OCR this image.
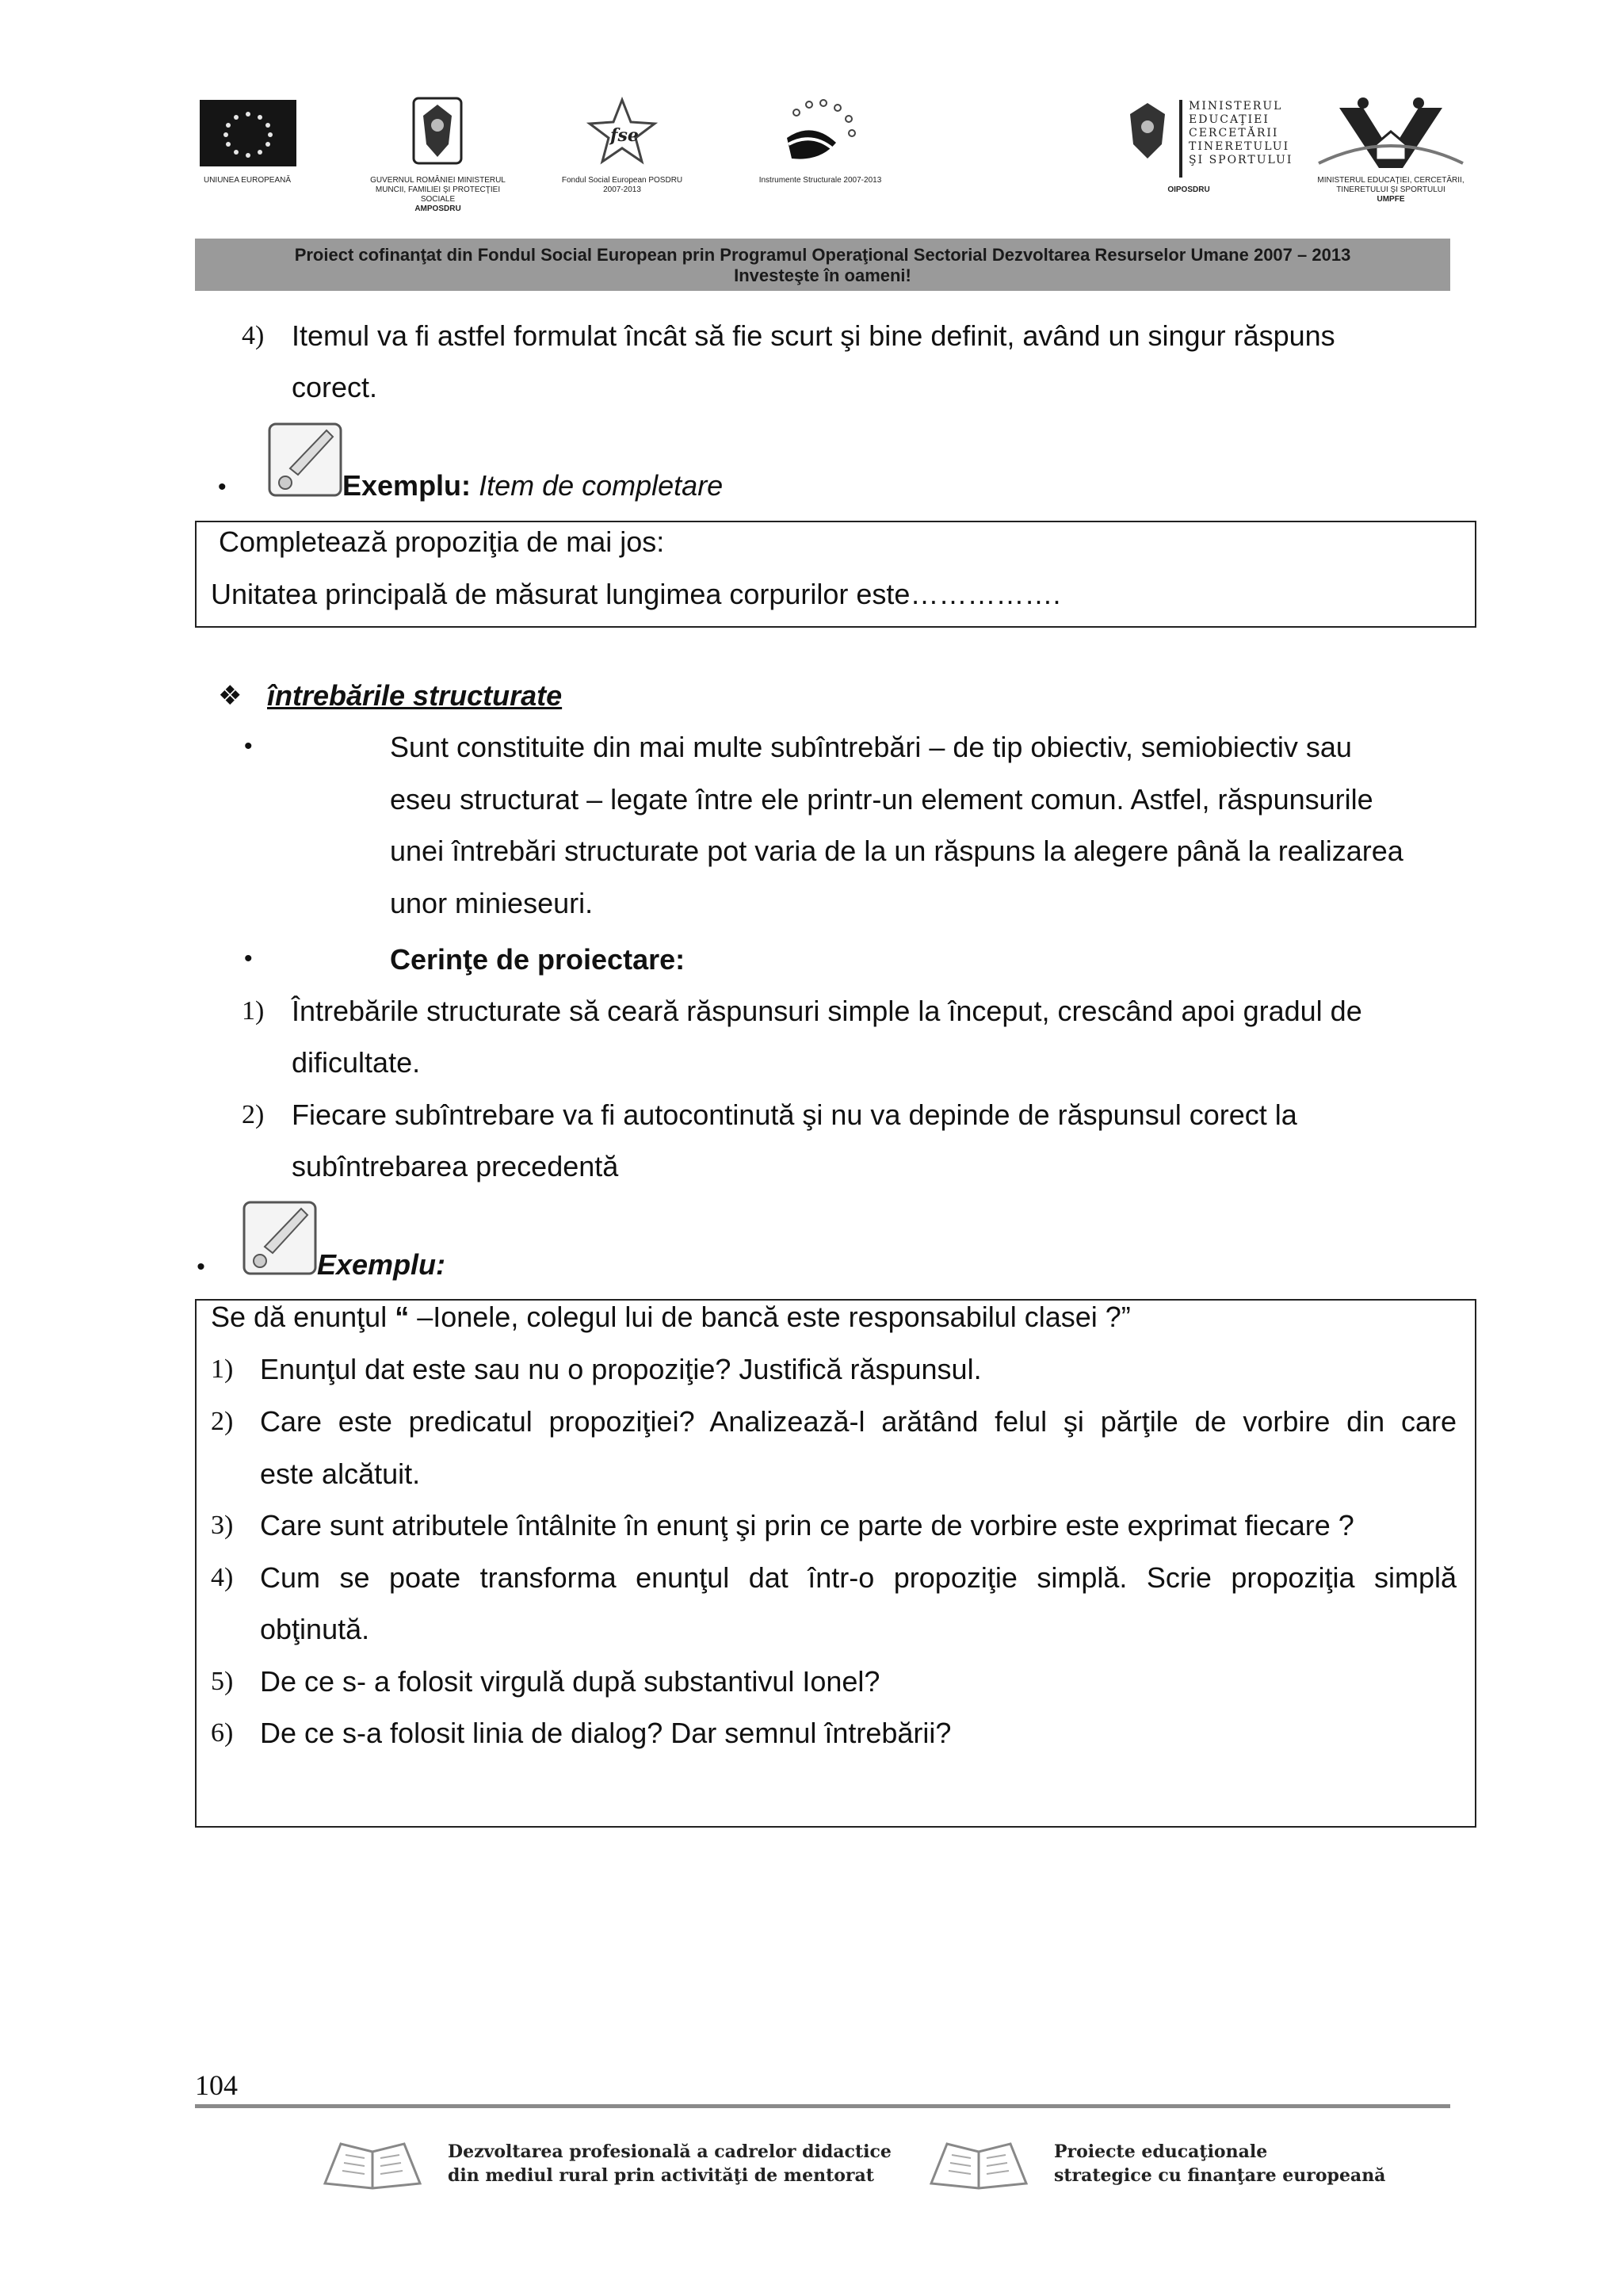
UNIUNEA EUROPEANĂ	GUVERNUL ROMÂNIEI MINISTERUL MUNCII, FAMILIEI ŞI PROTECŢIEI SOCIALE
AMPOSDRU
fse
Fondul Social European POSDRU 2007-2013
Instrumente Structurale 2007-2013
MINISTERUL
EDUCAŢIEI
CERCETĂRII
TINERETULUI
ŞI SPORTULUI
OIPOSDRU
MINISTERUL EDUCAŢIEI, CERCETĂRII, TINERETULUI ŞI SPORTULUI
UMPFE
Proiect cofinanţat din Fondul Social European prin Programul Operaţional Sectorial Dezvoltarea Resurselor Umane 2007 – 2013
Investeşte în oameni!
4) Itemul va fi astfel formulat încât să fie scurt şi bine definit, având un singur răspuns
corect.
•	Exemplu: Item de completare
Completează propoziţia de mai jos:
Unitatea principală de măsurat lungimea corpurilor este…………….
❖ întrebările structurate
•	Sunt constituite din mai multe subîntrebări – de tip obiectiv, semiobiectiv sau
eseu structurat – legate între ele printr-un element comun. Astfel, răspunsurile
unei întrebări structurate pot varia de la un răspuns la alegere până la realizarea
unor minieseuri.
•	Cerinţe de proiectare:
1) Întrebările structurate să ceară răspunsuri simple la început, crescând apoi gradul de
dificultate.
2) Fiecare subîntrebare va fi autocontinută şi nu va depinde de răspunsul corect la
subîntrebarea precedentă
•	Exemplu:
Se dă enunţul “ –Ionele, colegul lui de bancă este responsabilul clasei ?”
1) Enunţul dat este sau nu o propoziţie? Justifică răspunsul.
2) Care este predicatul propoziţiei? Analizează-l arătând felul şi părţile de vorbire din care
este alcătuit.
3) Care sunt atributele întâlnite în enunţ şi prin ce parte de vorbire este exprimat fiecare ?
4) Cum se poate transforma enunţul dat într-o propoziţie simplă. Scrie propoziţia simplă
obţinută.
5) De ce s- a folosit virgulă după substantivul Ionel?
6) De ce s-a folosit linia de dialog? Dar semnul întrebării?
104
Dezvoltarea profesională a cadrelor didactice
din mediul rural prin activităţi de mentorat
Proiecte educaţionale
strategice cu finanţare europeană
